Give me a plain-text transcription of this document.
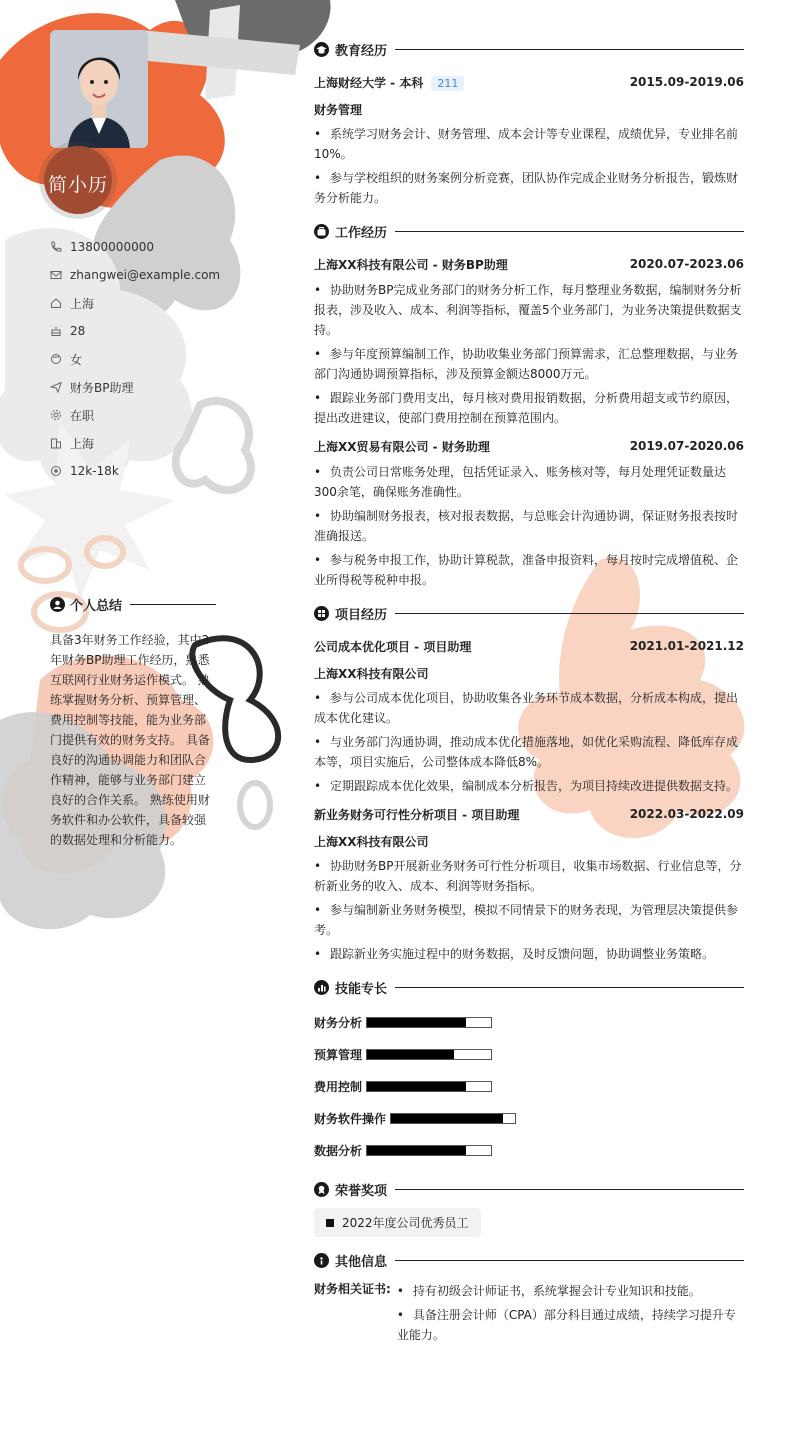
简小历
13800000000
zhangwei@example.com
上海
28
女
财务BP助理
在职
上海
12k-18k
个人总结
具备3年财务工作经验，其中2年财务BP助理工作经历，熟悉互联网行业财务运作模式。 熟练掌握财务分析、预算管理、费用控制等技能，能为业务部门提供有效的财务支持。 具备良好的沟通协调能力和团队合作精神，能够与业务部门建立良好的合作关系。 熟练使用财务软件和办公软件，具备较强的数据处理和分析能力。
教育经历
上海财经大学 - 本科 211	2015.09-2019.06
财务管理
• 系统学习财务会计、财务管理、成本会计等专业课程，成绩优异，专业排名前10%。
• 参与学校组织的财务案例分析竞赛，团队协作完成企业财务分析报告，锻炼财务分析能力。
工作经历
上海XX科技有限公司 - 财务BP助理	2020.07-2023.06
• 协助财务BP完成业务部门的财务分析工作，每月整理业务数据，编制财务分析报表，涉及收入、成本、利润等指标，覆盖5个业务部门，为业务决策提供数据支持。
• 参与年度预算编制工作，协助收集业务部门预算需求，汇总整理数据，与业务部门沟通协调预算指标，涉及预算金额达8000万元。
• 跟踪业务部门费用支出，每月核对费用报销数据，分析费用超支或节约原因，提出改进建议，使部门费用控制在预算范围内。
上海XX贸易有限公司 - 财务助理	2019.07-2020.06
• 负责公司日常账务处理，包括凭证录入、账务核对等，每月处理凭证数量达300余笔，确保账务准确性。
• 协助编制财务报表，核对报表数据，与总账会计沟通协调，保证财务报表按时准确报送。
• 参与税务申报工作，协助计算税款，准备申报资料，每月按时完成增值税、企业所得税等税种申报。
项目经历
公司成本优化项目 - 项目助理	2021.01-2021.12
上海XX科技有限公司
• 参与公司成本优化项目，协助收集各业务环节成本数据，分析成本构成，提出成本优化建议。
• 与业务部门沟通协调，推动成本优化措施落地，如优化采购流程、降低库存成本等，项目实施后，公司整体成本降低8%。
• 定期跟踪成本优化效果，编制成本分析报告，为项目持续改进提供数据支持。
新业务财务可行性分析项目 - 项目助理	2022.03-2022.09
上海XX科技有限公司
• 协助财务BP开展新业务财务可行性分析项目，收集市场数据、行业信息等，分析新业务的收入、成本、利润等财务指标。
• 参与编制新业务财务模型，模拟不同情景下的财务表现，为管理层决策提供参考。
• 跟踪新业务实施过程中的财务数据，及时反馈问题，协助调整业务策略。
技能专长
财务分析
预算管理
费用控制
财务软件操作
数据分析
荣誉奖项
2022年度公司优秀员工
其他信息
财务相关证书:
•	持有初级会计师证书，系统掌握会计专业知识和技能。
• 具备注册会计师（CPA）部分科目通过成绩，持续学习提升专业能力。
